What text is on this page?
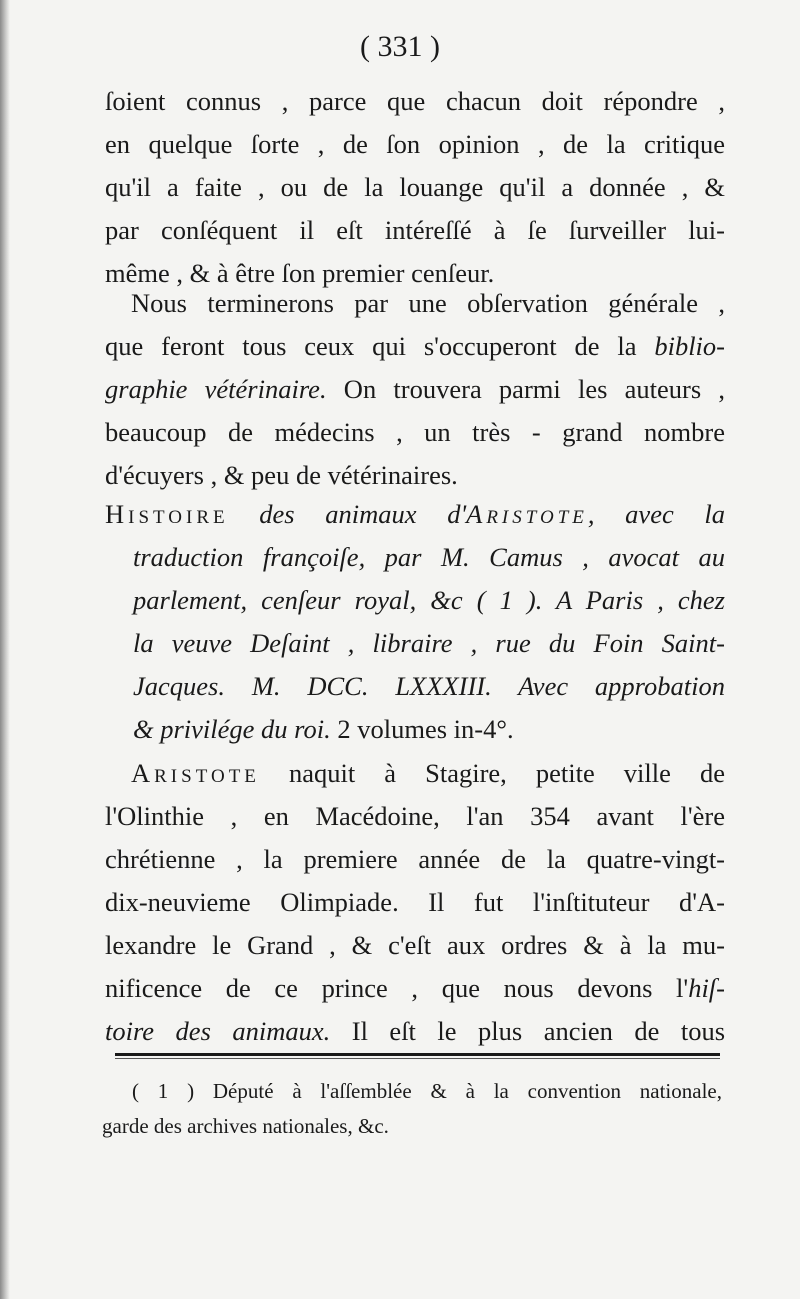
( 331 )
ſoient connus , parce que chacun doit répondre ,
en quelque ſorte , de ſon opinion , de la critique
qu'il a faite , ou de la louange qu'il a donnée , &
par conſéquent il eſt intéreſſé à ſe ſurveiller lui-
même , & à être ſon premier cenſeur.
Nous terminerons par une obſervation générale ,
que feront tous ceux qui s'occuperont de la biblio-
graphie vétérinaire. On trouvera parmi les auteurs ,
beaucoup de médecins , un très - grand nombre
d'écuyers , & peu de vétérinaires.
Histoire des animaux d'Aristote, avec la
traduction françoiſe, par M. Camus , avocat au
parlement, cenſeur royal, &c ( 1 ). A Paris , chez
la veuve Deſaint , libraire , rue du Foin Saint-
Jacques. M. DCC. LXXXIII. Avec approbation
& privilége du roi. 2 volumes in-4°.
Aristote naquit à Stagire, petite ville de
l'Olinthie , en Macédoine, l'an 354 avant l'ère
chrétienne , la premiere année de la quatre-vingt-
dix-neuvieme Olimpiade. Il fut l'inſtituteur d'A-
lexandre le Grand , & c'eſt aux ordres & à la mu-
nificence de ce prince , que nous devons l'hiſ-
toire des animaux. Il eſt le plus ancien de tous
( 1 ) Député à l'aſſemblée & à la convention nationale,
garde des archives nationales, &c.
